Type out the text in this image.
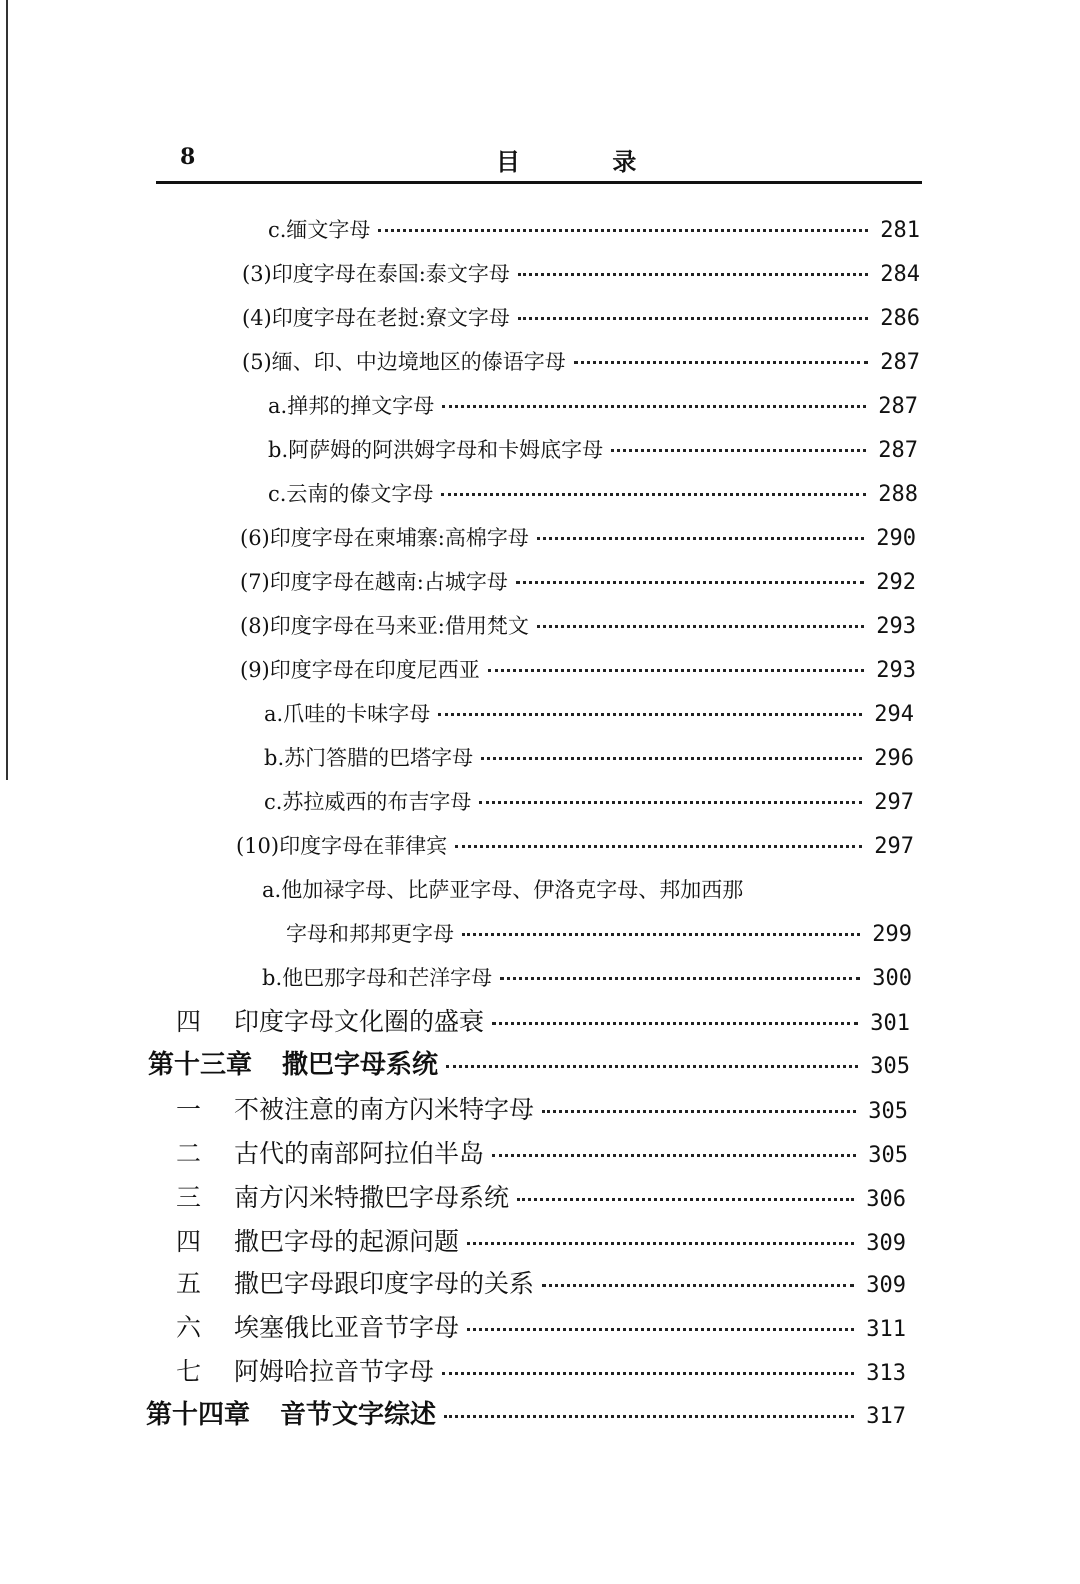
8	目 录
c.缅文字母	281
(3)印度字母在泰国:泰文字母	284
(4)印度字母在老挝:寮文字母	286
(5)缅、印、中边境地区的傣语字母	287
a.掸邦的掸文字母	287
b.阿萨姆的阿洪姆字母和卡姆底字母	287
c.云南的傣文字母	288
(6)印度字母在柬埔寨:高棉字母	290
(7)印度字母在越南:占城字母	292
(8)印度字母在马来亚:借用梵文	293
(9)印度字母在印度尼西亚	293
a.爪哇的卡味字母	294
b.苏门答腊的巴塔字母	296
c.苏拉威西的布吉字母	297
(10)印度字母在菲律宾	297
a.他加禄字母、比萨亚字母、伊洛克字母、邦加西那
字母和邦邦更字母	299
b.他巴那字母和芒洋字母	300
四 印度字母文化圈的盛衰	301
第十三章 撒巴字母系统	305
一 不被注意的南方闪米特字母	305
二 古代的南部阿拉伯半岛	305
三 南方闪米特撒巴字母系统	306
四 撒巴字母的起源问题	309
五 撒巴字母跟印度字母的关系	309
六 埃塞俄比亚音节字母	311
七 阿姆哈拉音节字母	313
第十四章 音节文字综述	317
